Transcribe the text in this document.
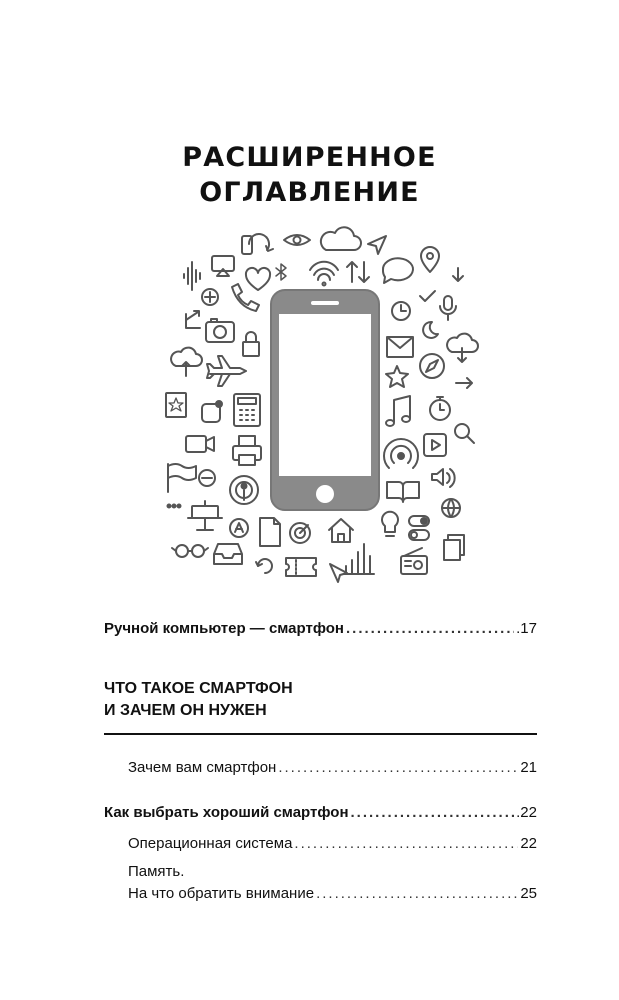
РАСШИРЕННОЕ
ОГЛАВЛЕНИЕ
Ручной компьютер — смартфон .....	.17
ЧТО ТАКОЕ СМАРТФОН
И ЗАЧЕМ ОН НУЖЕН
Зачем вам смартфон .....	21
Как выбрать хороший смартфон .....	.22
Операционная система .....	22
Память.
На что обратить внимание .....	25
